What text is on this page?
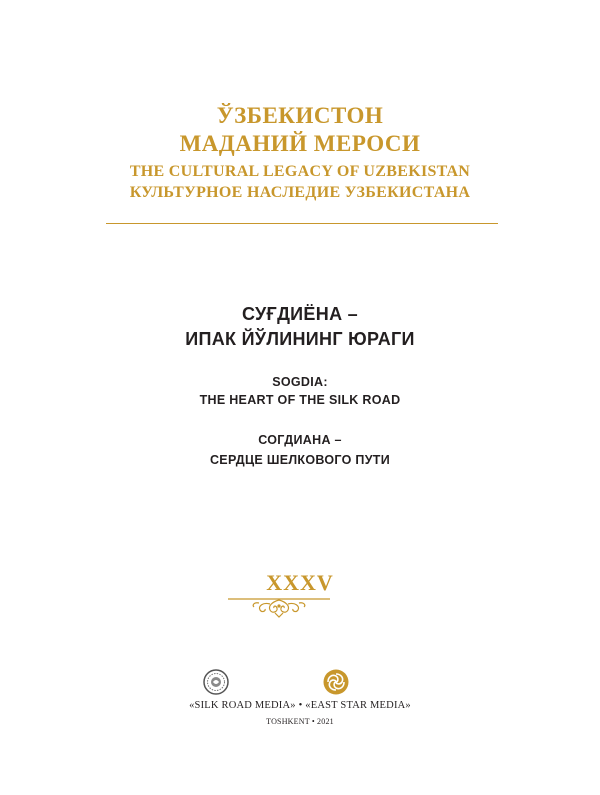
ЎЗБЕКИСТОН
МАДАНИЙ МЕРОСИ
THE CULTURAL LEGACY OF UZBEKISTAN
КУЛЬТУРНОЕ НАСЛЕДИЕ УЗБЕКИСТАНА
СУҒДИЁНА –
ИПАК ЙЎЛИНИНГ ЮРАГИ
SOGDIA:
THE HEART OF THE SILK ROAD
СОГДИАНА –
СЕРДЦЕ ШЕЛКОВОГО ПУТИ
XXXV
«SILK ROAD MEDIA» • «EAST STAR MEDIA»
TOSHKENT • 2021
